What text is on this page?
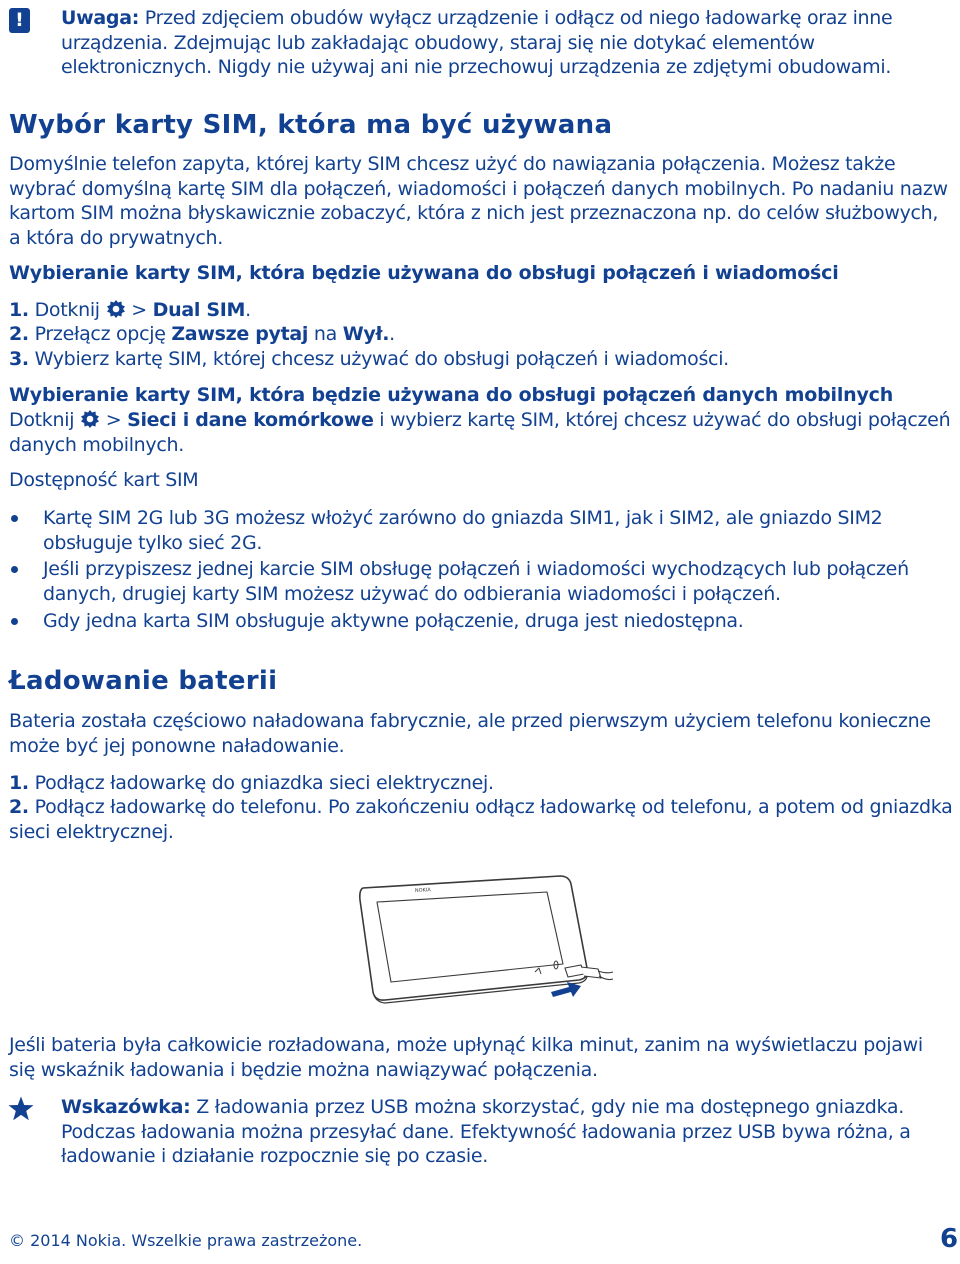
!	Uwaga: Przed zdjęciem obudów wyłącz urządzenie i odłącz od niego ładowarkę oraz inne urządzenia. Zdejmując lub zakładając obudowy, staraj się nie dotykać elementów elektronicznych. Nigdy nie używaj ani nie przechowuj urządzenia ze zdjętymi obudowami.

Wybór karty SIM, która ma być używana

Domyślnie telefon zapyta, której karty SIM chcesz użyć do nawiązania połączenia. Możesz także wybrać domyślną kartę SIM dla połączeń, wiadomości i połączeń danych mobilnych. Po nadaniu nazw kartom SIM można błyskawicznie zobaczyć, która z nich jest przeznaczona np. do celów służbowych, a która do prywatnych.

Wybieranie karty SIM, która będzie używana do obsługi połączeń i wiadomości

1. Dotknij  > Dual SIM.

2. Przełącz opcję Zawsze pytaj na Wył..

3. Wybierz kartę SIM, której chcesz używać do obsługi połączeń i wiadomości.

Wybieranie karty SIM, która będzie używana do obsługi połączeń danych mobilnych

Dotknij  > Sieci i dane komórkowe i wybierz kartę SIM, której chcesz używać do obsługi połączeń danych mobilnych.

Dostępność kart SIM
Kartę SIM 2G lub 3G możesz włożyć zarówno do gniazda SIM1, jak i SIM2, ale gniazdo SIM2 obsługuje tylko sieć 2G.
Jeśli przypiszesz jednej karcie SIM obsługę połączeń i wiadomości wychodzących lub połączeń danych, drugiej karty SIM możesz używać do odbierania wiadomości i połączeń.
Gdy jedna karta SIM obsługuje aktywne połączenie, druga jest niedostępna.
Ładowanie baterii

Bateria została częściowo naładowana fabrycznie, ale przed pierwszym użyciem telefonu konieczne może być jej ponowne naładowanie.

1. Podłącz ładowarkę do gniazdka sieci elektrycznej.

2. Podłącz ładowarkę do telefonu. Po zakończeniu odłącz ładowarkę od telefonu, a potem od gniazdka sieci elektrycznej.

NOKIA

Jeśli bateria była całkowicie rozładowana, może upłynąć kilka minut, zanim na wyświetlaczu pojawi się wskaźnik ładowania i będzie można nawiązywać połączenia.

Wskazówka: Z ładowania przez USB można skorzystać, gdy nie ma dostępnego gniazdka. Podczas ładowania można przesyłać dane. Efektywność ładowania przez USB bywa różna, a ładowanie i działanie rozpocznie się po czasie.

© 2014 Nokia. Wszelkie prawa zastrzeżone.	6
